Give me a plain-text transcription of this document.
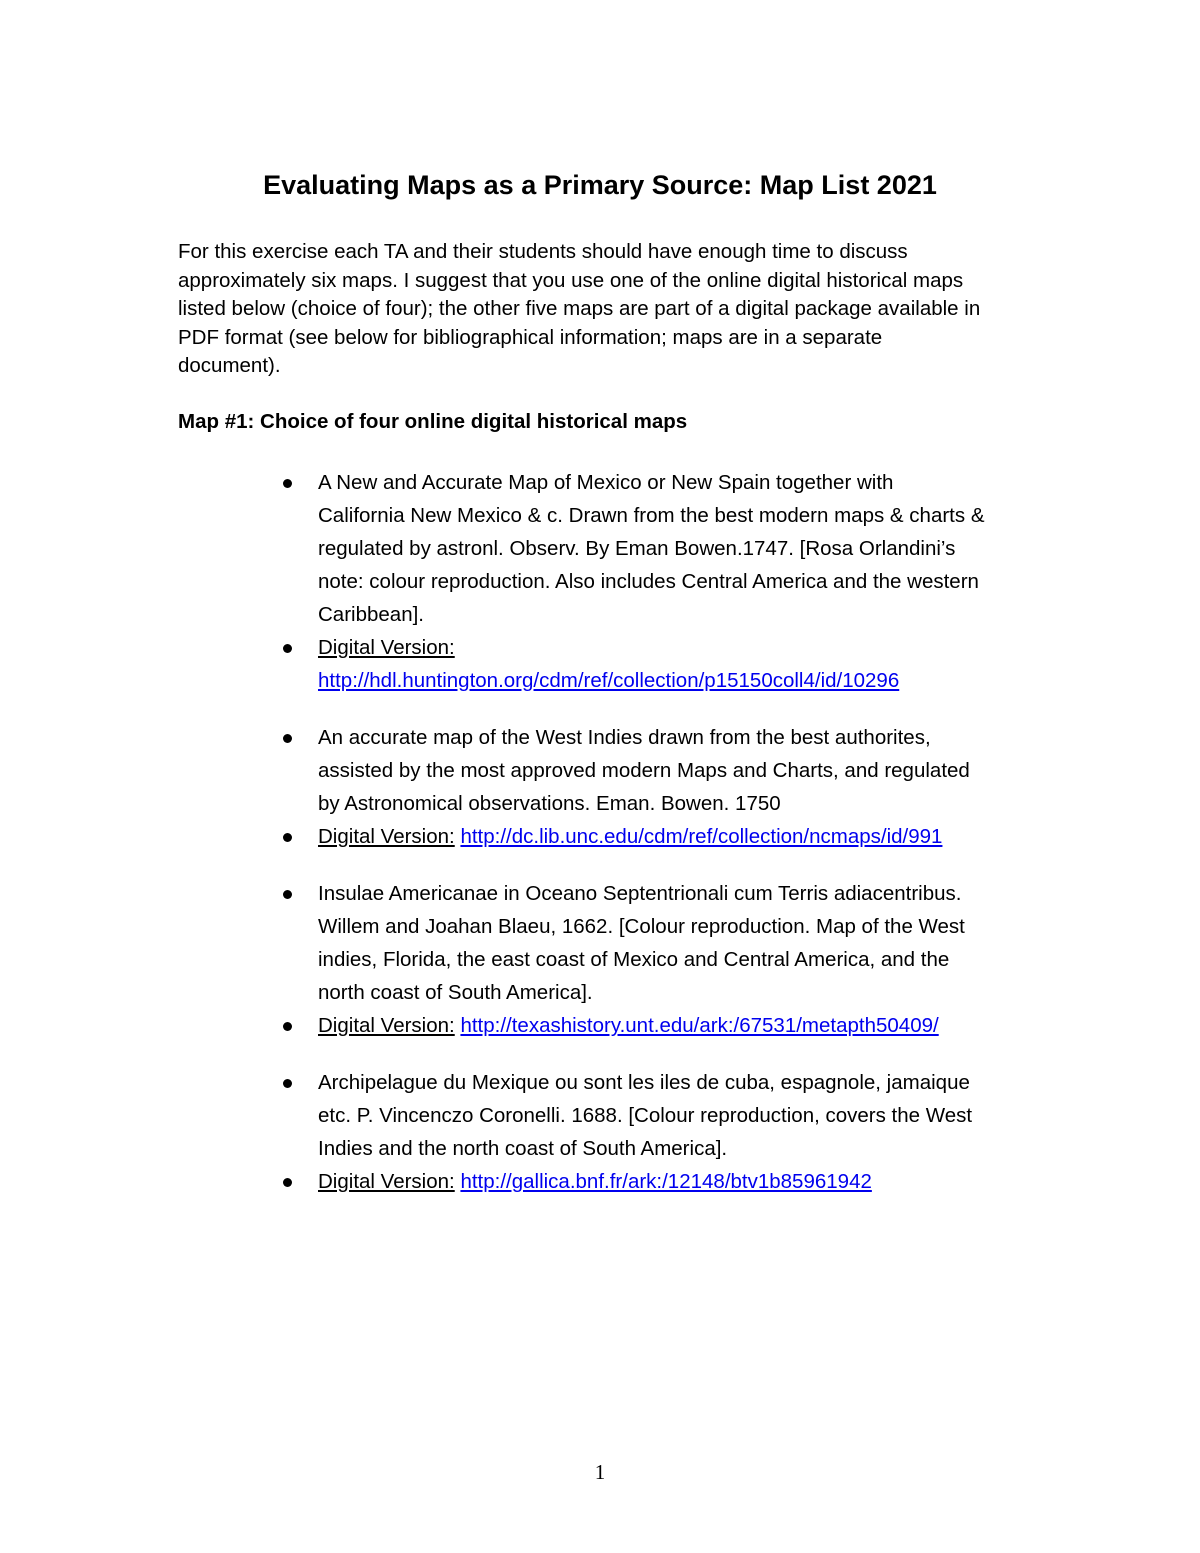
Evaluating Maps as a Primary Source: Map List 2021
For this exercise each TA and their students should have enough time to discuss
approximately six maps. I suggest that you use one of the online digital historical maps
listed below (choice of four); the other five maps are part of a digital package available in
PDF format (see below for bibliographical information; maps are in a separate
document).
Map #1: Choice of four online digital historical maps
A New and Accurate Map of Mexico or New Spain together with
California New Mexico & c. Drawn from the best modern maps & charts &
regulated by astronl. Observ. By Eman Bowen.1747. [Rosa Orlandini’s
note: colour reproduction. Also includes Central America and the western
Caribbean].
Digital Version:
http://hdl.huntington.org/cdm/ref/collection/p15150coll4/id/10296
An accurate map of the West Indies drawn from the best authorites,
assisted by the most approved modern Maps and Charts, and regulated
by Astronomical observations. Eman. Bowen. 1750
Digital Version: http://dc.lib.unc.edu/cdm/ref/collection/ncmaps/id/991
Insulae Americanae in Oceano Septentrionali cum Terris adiacentribus.
Willem and Joahan Blaeu, 1662. [Colour reproduction. Map of the West
indies, Florida, the east coast of Mexico and Central America, and the
north coast of South America].
Digital Version: http://texashistory.unt.edu/ark:/67531/metapth50409/
Archipelague du Mexique ou sont les iles de cuba, espagnole, jamaique
etc. P. Vincenczo Coronelli. 1688. [Colour reproduction, covers the West
Indies and the north coast of South America].
Digital Version: http://gallica.bnf.fr/ark:/12148/btv1b85961942
1
